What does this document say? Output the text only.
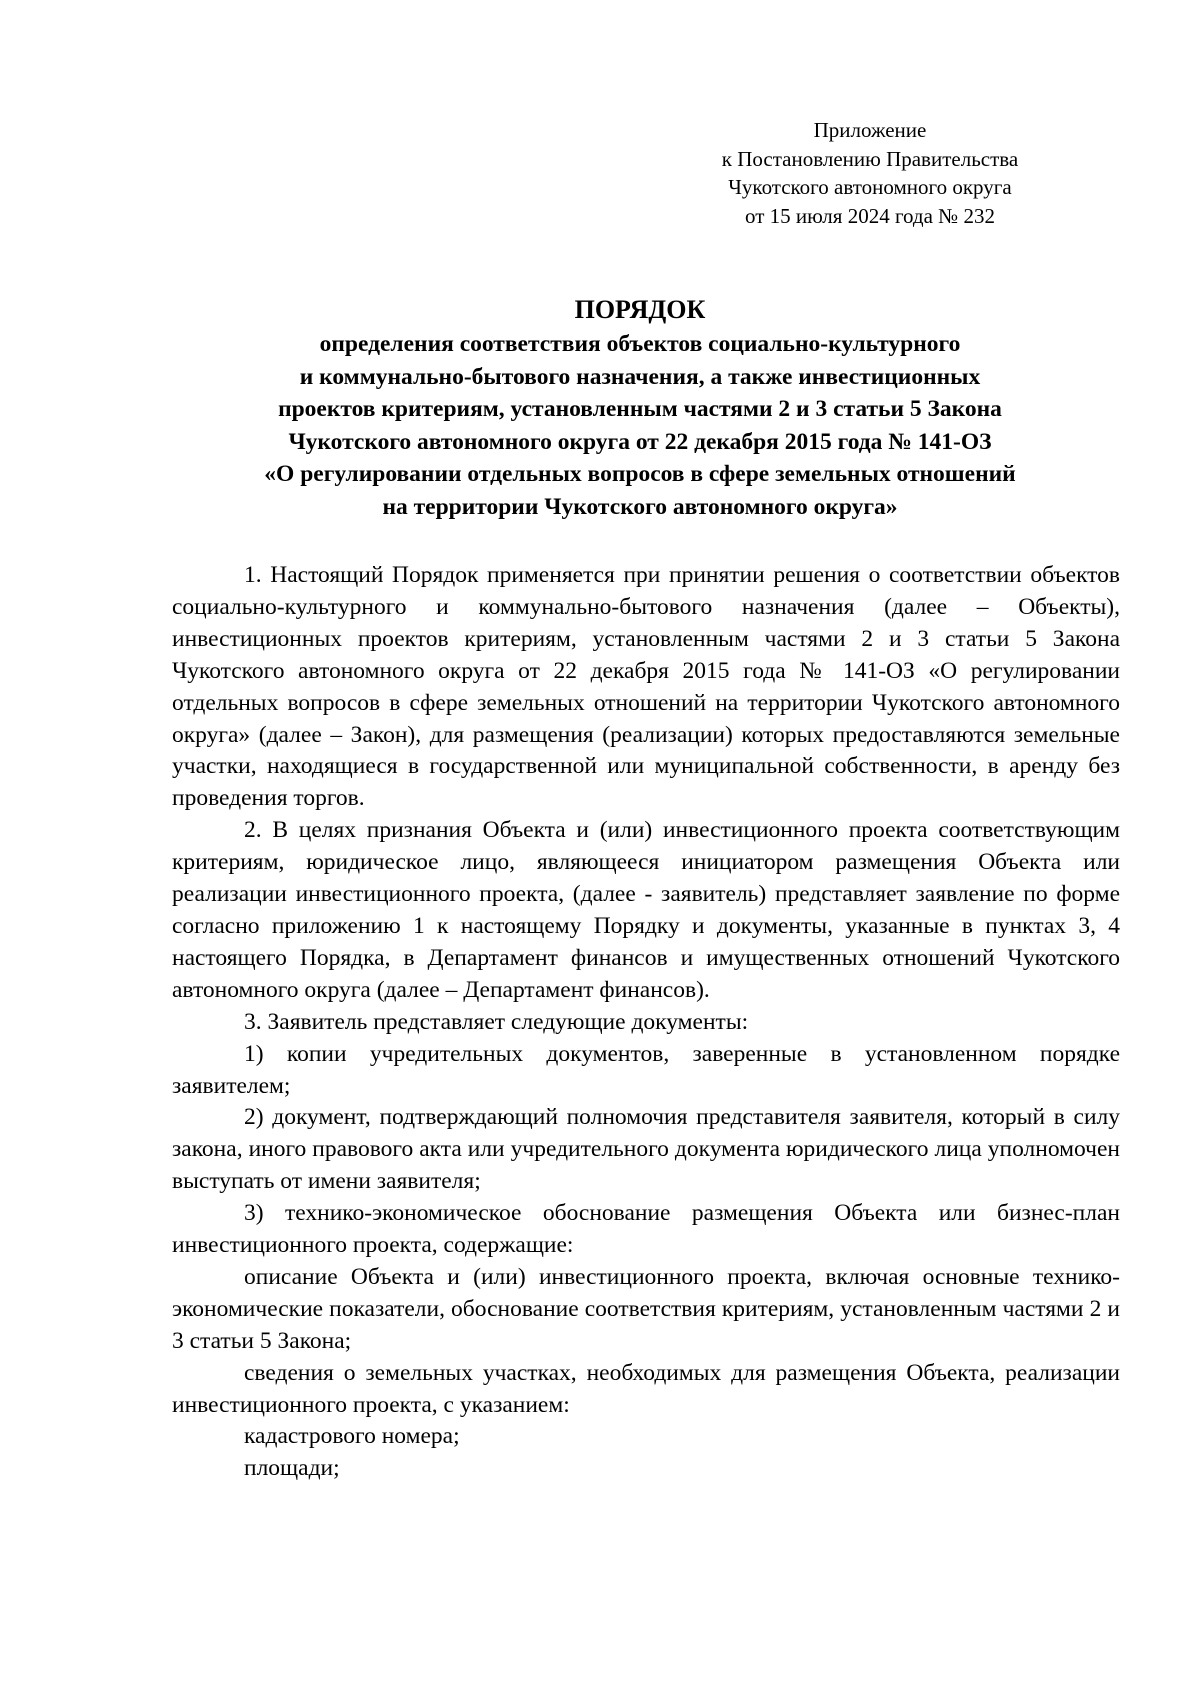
Приложение
к Постановлению Правительства
Чукотского автономного округа
от 15 июля 2024 года № 232
ПОРЯДОК
определения соответствия объектов социально-культурного
и коммунально-бытового назначения, а также инвестиционных
проектов критериям, установленным частями 2 и 3 статьи 5 Закона
Чукотского автономного округа от 22 декабря 2015 года № 141-ОЗ
«О регулировании отдельных вопросов в сфере земельных отношений
на территории Чукотского автономного округа»

1. Настоящий Порядок применяется при принятии решения о соответствии объектов социально-культурного и коммунально-бытового назначения (далее – Объекты), инвестиционных проектов критериям, установленным частями 2 и 3 статьи 5 Закона Чукотского автономного округа от 22 декабря 2015 года № 141-ОЗ «О регулировании отдельных вопросов в сфере земельных отношений на территории Чукотского автономного округа» (далее – Закон), для размещения (реализации) которых предоставляются земельные участки, находящиеся в государственной или муниципальной собственности, в аренду без проведения торгов.

2. В целях признания Объекта и (или) инвестиционного проекта соответствующим критериям, юридическое лицо, являющееся инициатором размещения Объекта или реализации инвестиционного проекта, (далее - заявитель) представляет заявление по форме согласно приложению 1 к настоящему Порядку и документы, указанные в пунктах 3, 4 настоящего Порядка, в Департамент финансов и имущественных отношений Чукотского автономного округа (далее – Департамент финансов).

3. Заявитель представляет следующие документы:

1) копии учредительных документов, заверенные в установленном порядке заявителем;

2) документ, подтверждающий полномочия представителя заявителя, который в силу закона, иного правового акта или учредительного документа юридического лица уполномочен выступать от имени заявителя;

3) технико-экономическое обоснование размещения Объекта или бизнес-план инвестиционного проекта, содержащие:

описание Объекта и (или) инвестиционного проекта, включая основные технико-экономические показатели, обоснование соответствия критериям, установленным частями 2 и 3 статьи 5 Закона;

сведения о земельных участках, необходимых для размещения Объекта, реализации инвестиционного проекта, с указанием:

кадастрового номера;

площади;
